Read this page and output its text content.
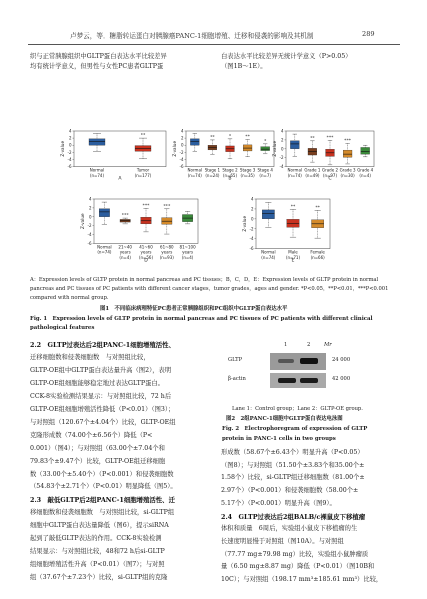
卢梦云，等．糖脂转运蛋白对胰腺癌PANC-1细胞增殖、迁移和侵袭的影响及其机制	289
织与正常胰腺组织中GLTP蛋白表达水平比较差异
均有统计学意义，但男性与女性PC患者GLTP蛋
白表达水平比较差异无统计学意义（P>0.05）
（图1B～1E）。
4
2
0
-2
-4
-6
Z-value
Normal
(n=74)
**
Tumor
(n=177)
A
4
2
0
-2
-4
-6
Z-value
Normal
(n=74)
**
Stage 1
(n=24)
*
Stage 2
(n=65)
**
Stage 3
(n=35)
*
Stage 4
(n=7)
B
4
2
0
-2
-4
Z-value
Normal
(n=74)
**
Grade 1
(n=49)
***
Grade 2
(n=97)
***
Grade 3
(n=30)
Grade 4
(n=4)
C
4
2
0
-2
-4
-6
Z-value
Normal
(n=74)
***
21~40
years
(n=4)
***
41~60
years
(n=56)
***
61~80
years
(n=93)
81~100
years
(n=4)
D
4
2
0
-2
-4
-6
Z-value
Normal
(n=74)
**
Male
(n=71)
**
Female
(n=66)
E
A：Expression levels of GLTP protein in normal pancreas and PC tissues；B，C，D，E：Expression levels of GLTP protein in normal
pancreas and PC tissues of PC patients with different cancer stages，tumor grades，ages and gender. *P<0.05，**P<0.01，***P<0.001
compared with normal group.
图1　不同临床病理特征PC患者正常胰腺组织和PC组织中GLTP蛋白表达水平
Fig. 1　Expression levels of GLTP protein in normal pancreas and PC tissues of PC patients with different clinical
pathological features
2.2　GLTP过表达后2组PANC-1细胞增殖活性、
迁移细胞数和侵袭细胞数　与对照组比较，
GLTP-OE组中GLTP蛋白表达量升高（图2），表明
GLTP-OE组细胞能够稳定地过表达GLTP蛋白。
CCK-8实验检测结果显示：与对照组比较，72 h后
GLTP-OE组细胞增殖活性降低（P<0.01）（图3）；
与对照组（120.67个±4.04个）比较，GLTP-OE组
克隆形成数（74.00个±6.56个）降低（P<
0.001）（图4）；与对照组（63.00个±7.04个和
79.83个±9.47个）比较，GLTP-OE组迁移细胞
数（33.00个±5.40个）（P<0.001）和侵袭细胞数
（54.83个±2.71个）（P<0.01）明显降低（图5）。
2.3　敲低GLTP后2组PANC-1细胞增殖活性、迁
移细胞数和侵袭细胞数　与对照组比较，si-GLTP组
细胞中GLTP蛋白表达量降低（图6），提示siRNA
起到了敲低GLTP表达的作用。CCK-8实验检测
结果显示：与对照组比较，48和72 h后si-GLTP
组细胞增殖活性升高（P<0.01）（图7）；与对照
组（37.67个±7.23个）比较，si-GLTP组的克隆
1	2	Mr
GLTP	24 000
β-actin	42 000
Lane 1：Control group；Lane 2：GLTP-OE group.
图2　2组PANC-1细胞中GLTP蛋白表达电泳图
Fig. 2　Electrophoregram of expression of GLTP
protein in PANC-1 cells in two groups
形成数（58.67个±6.43个）明显升高（P<0.05）
（图8）；与对照组（51.50个±3.83个和35.00个±
1.58个）比较，si-GLTP组迁移细胞数（81.00个±
2.97个）（P<0.001）和侵袭细胞数（58.00个±
5.17个）（P<0.001）明显升高（图9）。
2.4　GLTP过表达后2组BALB/c裸鼠皮下移植瘤
体积和质量　6周后，实验组小鼠皮下移植瘤的生
长速度明显慢于对照组（图10A）。与对照组
（77.77 mg±79.98 mg）比较，实验组小鼠肿瘤质
量（6.50 mg±8.87 mg）降低（P<0.01）（图10B和
10C）；与对照组（198.17 mm³±185.61 mm³）比较，
